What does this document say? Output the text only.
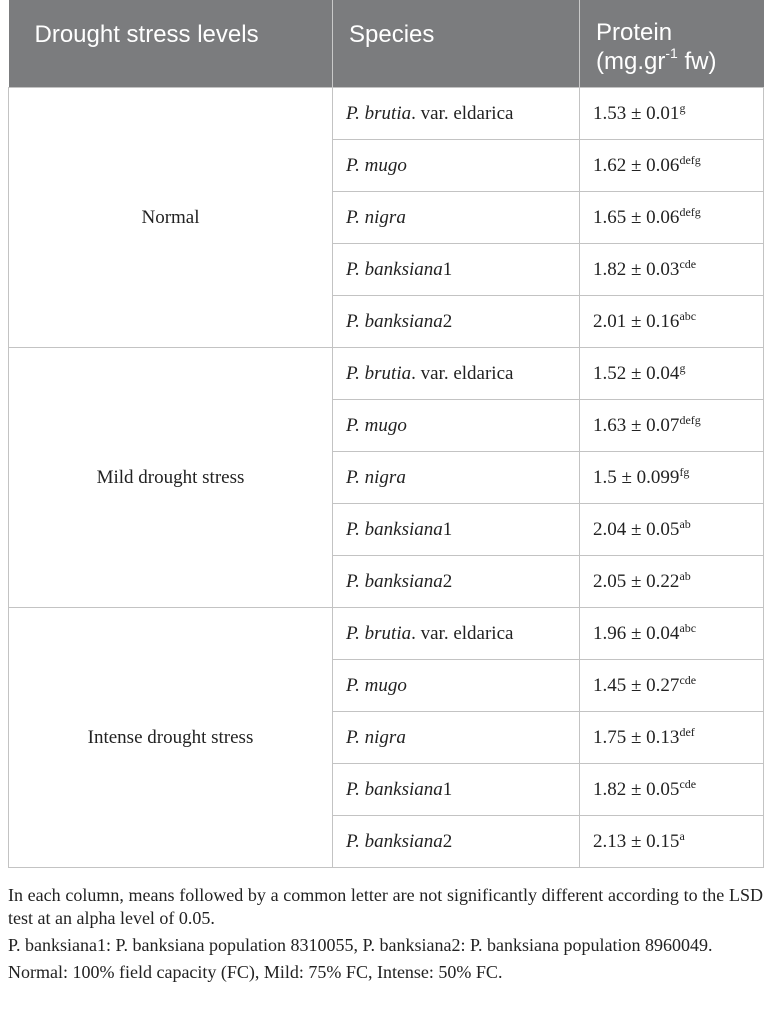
Drought stress levels	Species	Protein
($mg.gr^{-1}$ fw)
Normal	P. brutia. var. eldarica	1.53 ± 0.01$^g$
	P. mugo	$1.62 \pm 0.06^{defg}$
	P. nigra	$1.65 \pm 0.06^{defg}$
	P. banksiana1	1.82 ± 0.03$^{cde}$
	P. banksiana2	2.01 ± 0.16$^{abc}$
Mild drought stress	P. brutia. var. eldarica	1.52 ± 0.04$^g$
	P. mugo	$1.63 \pm 0.07^{defg}$
	P. nigra	1.5 ± 0.099$^{fg}$
	P. banksiana1	2.04 ± 0.05$^{ab}$
	P. banksiana2	2.05 ± 0.22$^{ab}$
Intense drought stress	P. brutia. var. eldarica	1.96 ± 0.04$^{abc}$
	P. mugo	1.45 ± 0.27$^{cde}$
	P. nigra	1.75 ± 0.13$^{def}$
	P. banksiana1	1.82 ± 0.05$^{cde}$
	P. banksiana2	2.13 ± 0.15$^a$

In each column, means followed by a common letter are not significantly different according to the LSD test at an alpha level of 0.05.

P. banksiana1: P. banksiana population 8310055, P. banksiana2: P. banksiana population 8960049.

Normal: 100% field capacity (FC), Mild: 75% FC, Intense: 50% FC.
